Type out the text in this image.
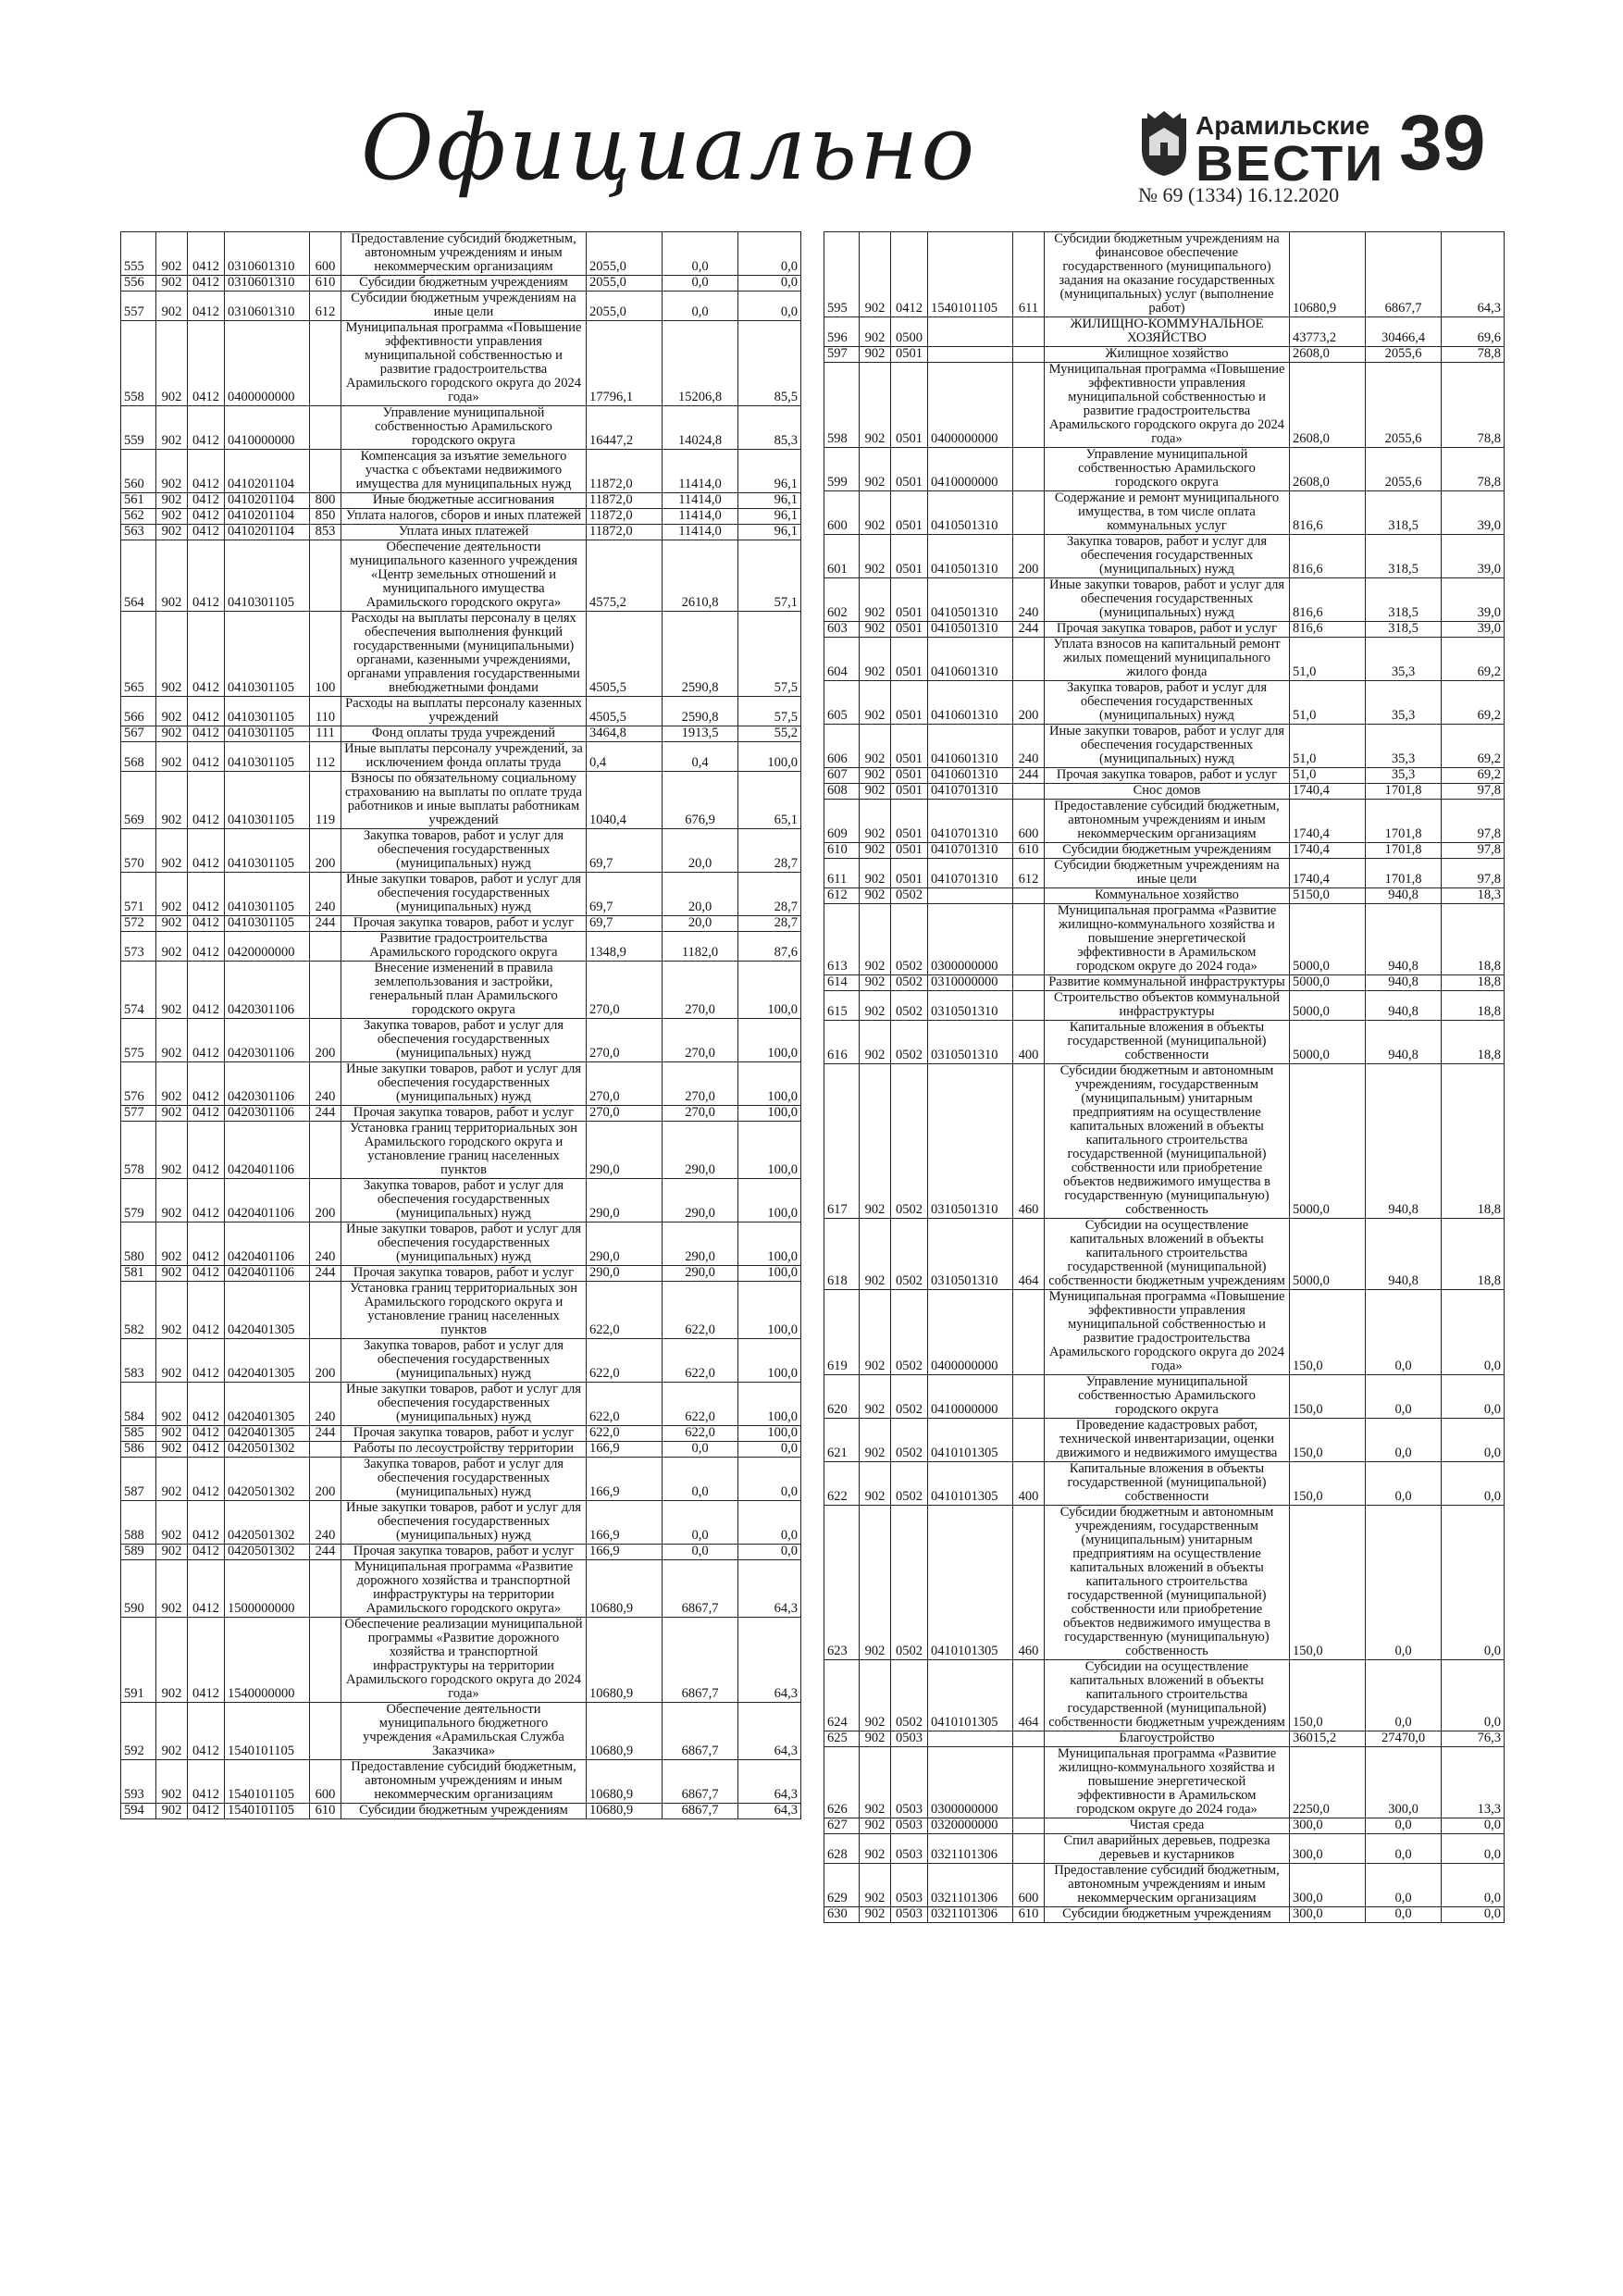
Официально	Арамильские
ВЕСТИ
№ 69 (1334) 16.12.2020
39
555	902	0412	0310601310	600	Предоставление субсидий бюджетным, автономным учреждениям и иным некоммерческим организациям	2055,0	0,0	0,0
556	902	0412	0310601310	610	Субсидии бюджетным учреждениям	2055,0	0,0	0,0
557	902	0412	0310601310	612	Субсидии бюджетным учреждениям на иные цели	2055,0	0,0	0,0
558	902	0412	0400000000		Муниципальная программа «Повышение эффективности управления муниципальной собственностью и развитие градостроительства Арамильского городского округа до 2024 года»	17796,1	15206,8	85,5
559	902	0412	0410000000		Управление муниципальной собственностью Арамильского городского округа	16447,2	14024,8	85,3
560	902	0412	0410201104		Компенсация за изъятие земельного участка с объектами недвижимого имущества для муниципальных нужд	11872,0	11414,0	96,1
561	902	0412	0410201104	800	Иные бюджетные ассигнования	11872,0	11414,0	96,1
562	902	0412	0410201104	850	Уплата налогов, сборов и иных платежей	11872,0	11414,0	96,1
563	902	0412	0410201104	853	Уплата иных платежей	11872,0	11414,0	96,1
564	902	0412	0410301105		Обеспечение деятельности муниципального казенного учреждения «Центр земельных отношений и муниципального имущества Арамильского городского округа»	4575,2	2610,8	57,1
565	902	0412	0410301105	100	Расходы на выплаты персоналу в целях обеспечения выполнения функций государственными (муниципальными) органами, казенными учреждениями, органами управления государственными внебюджетными фондами	4505,5	2590,8	57,5
566	902	0412	0410301105	110	Расходы на выплаты персоналу казенных учреждений	4505,5	2590,8	57,5
567	902	0412	0410301105	111	Фонд оплаты труда учреждений	3464,8	1913,5	55,2
568	902	0412	0410301105	112	Иные выплаты персоналу учреждений, за исключением фонда оплаты труда	0,4	0,4	100,0
569	902	0412	0410301105	119	Взносы по обязательному социальному страхованию на выплаты по оплате труда работников и иные выплаты работникам учреждений	1040,4	676,9	65,1
570	902	0412	0410301105	200	Закупка товаров, работ и услуг для обеспечения государственных (муниципальных) нужд	69,7	20,0	28,7
571	902	0412	0410301105	240	Иные закупки товаров, работ и услуг для обеспечения государственных (муниципальных) нужд	69,7	20,0	28,7
572	902	0412	0410301105	244	Прочая закупка товаров, работ и услуг	69,7	20,0	28,7
573	902	0412	0420000000		Развитие градостроительства Арамильского городского округа	1348,9	1182,0	87,6
574	902	0412	0420301106		Внесение изменений в правила землепользования и застройки, генеральный план Арамильского городского округа	270,0	270,0	100,0
575	902	0412	0420301106	200	Закупка товаров, работ и услуг для обеспечения государственных (муниципальных) нужд	270,0	270,0	100,0
576	902	0412	0420301106	240	Иные закупки товаров, работ и услуг для обеспечения государственных (муниципальных) нужд	270,0	270,0	100,0
577	902	0412	0420301106	244	Прочая закупка товаров, работ и услуг	270,0	270,0	100,0
578	902	0412	0420401106		Установка границ территориальных зон Арамильского городского округа и установление границ населенных пунктов	290,0	290,0	100,0
579	902	0412	0420401106	200	Закупка товаров, работ и услуг для обеспечения государственных (муниципальных) нужд	290,0	290,0	100,0
580	902	0412	0420401106	240	Иные закупки товаров, работ и услуг для обеспечения государственных (муниципальных) нужд	290,0	290,0	100,0
581	902	0412	0420401106	244	Прочая закупка товаров, работ и услуг	290,0	290,0	100,0
582	902	0412	0420401305		Установка границ территориальных зон Арамильского городского округа и установление границ населенных пунктов	622,0	622,0	100,0
583	902	0412	0420401305	200	Закупка товаров, работ и услуг для обеспечения государственных (муниципальных) нужд	622,0	622,0	100,0
584	902	0412	0420401305	240	Иные закупки товаров, работ и услуг для обеспечения государственных (муниципальных) нужд	622,0	622,0	100,0
585	902	0412	0420401305	244	Прочая закупка товаров, работ и услуг	622,0	622,0	100,0
586	902	0412	0420501302		Работы по лесоустройству территории	166,9	0,0	0,0
587	902	0412	0420501302	200	Закупка товаров, работ и услуг для обеспечения государственных (муниципальных) нужд	166,9	0,0	0,0
588	902	0412	0420501302	240	Иные закупки товаров, работ и услуг для обеспечения государственных (муниципальных) нужд	166,9	0,0	0,0
589	902	0412	0420501302	244	Прочая закупка товаров, работ и услуг	166,9	0,0	0,0
590	902	0412	1500000000		Муниципальная программа «Развитие дорожного хозяйства и транспортной инфраструктуры на территории Арамильского городского округа»	10680,9	6867,7	64,3
591	902	0412	1540000000		Обеспечение реализации муниципальной программы «Развитие дорожного хозяйства и транспортной инфраструктуры на территории Арамильского городского округа до 2024 года»	10680,9	6867,7	64,3
592	902	0412	1540101105		Обеспечение деятельности муниципального бюджетного учреждения «Арамильская Служба Заказчика»	10680,9	6867,7	64,3
593	902	0412	1540101105	600	Предоставление субсидий бюджетным, автономным учреждениям и иным некоммерческим организациям	10680,9	6867,7	64,3
594	902	0412	1540101105	610	Субсидии бюджетным учреждениям	10680,9	6867,7	64,3
595	902	0412	1540101105	611	Субсидии бюджетным учреждениям на финансовое обеспечение государственного (муниципального) задания на оказание государственных (муниципальных) услуг (выполнение работ)	10680,9	6867,7	64,3
596	902	0500			ЖИЛИЩНО-КОММУНАЛЬНОЕ ХОЗЯЙСТВО	43773,2	30466,4	69,6
597	902	0501			Жилищное хозяйство	2608,0	2055,6	78,8
598	902	0501	0400000000		Муниципальная программа «Повышение эффективности управления муниципальной собственностью и развитие градостроительства Арамильского городского округа до 2024 года»	2608,0	2055,6	78,8
599	902	0501	0410000000		Управление муниципальной собственностью Арамильского городского округа	2608,0	2055,6	78,8
600	902	0501	0410501310		Содержание и ремонт муниципального имущества, в том числе оплата коммунальных услуг	816,6	318,5	39,0
601	902	0501	0410501310	200	Закупка товаров, работ и услуг для обеспечения государственных (муниципальных) нужд	816,6	318,5	39,0
602	902	0501	0410501310	240	Иные закупки товаров, работ и услуг для обеспечения государственных (муниципальных) нужд	816,6	318,5	39,0
603	902	0501	0410501310	244	Прочая закупка товаров, работ и услуг	816,6	318,5	39,0
604	902	0501	0410601310		Уплата взносов на капитальный ремонт жилых помещений муниципального жилого фонда	51,0	35,3	69,2
605	902	0501	0410601310	200	Закупка товаров, работ и услуг для обеспечения государственных (муниципальных) нужд	51,0	35,3	69,2
606	902	0501	0410601310	240	Иные закупки товаров, работ и услуг для обеспечения государственных (муниципальных) нужд	51,0	35,3	69,2
607	902	0501	0410601310	244	Прочая закупка товаров, работ и услуг	51,0	35,3	69,2
608	902	0501	0410701310		Снос домов	1740,4	1701,8	97,8
609	902	0501	0410701310	600	Предоставление субсидий бюджетным, автономным учреждениям и иным некоммерческим организациям	1740,4	1701,8	97,8
610	902	0501	0410701310	610	Субсидии бюджетным учреждениям	1740,4	1701,8	97,8
611	902	0501	0410701310	612	Субсидии бюджетным учреждениям на иные цели	1740,4	1701,8	97,8
612	902	0502			Коммунальное хозяйство	5150,0	940,8	18,3
613	902	0502	0300000000		Муниципальная программа «Развитие жилищно-коммунального хозяйства и повышение энергетической эффективности в Арамильском городском округе до 2024 года»	5000,0	940,8	18,8
614	902	0502	0310000000		Развитие коммунальной инфраструктуры	5000,0	940,8	18,8
615	902	0502	0310501310		Строительство объектов коммунальной инфраструктуры	5000,0	940,8	18,8
616	902	0502	0310501310	400	Капитальные вложения в объекты государственной (муниципальной) собственности	5000,0	940,8	18,8
617	902	0502	0310501310	460	Субсидии бюджетным и автономным учреждениям, государственным (муниципальным) унитарным предприятиям на осуществление капитальных вложений в объекты капитального строительства государственной (муниципальной) собственности или приобретение объектов недвижимого имущества в государственную (муниципальную) собственность	5000,0	940,8	18,8
618	902	0502	0310501310	464	Субсидии на осуществление капитальных вложений в объекты капитального строительства государственной (муниципальной) собственности бюджетным учреждениям	5000,0	940,8	18,8
619	902	0502	0400000000		Муниципальная программа «Повышение эффективности управления муниципальной собственностью и развитие градостроительства Арамильского городского округа до 2024 года»	150,0	0,0	0,0
620	902	0502	0410000000		Управление муниципальной собственностью Арамильского городского округа	150,0	0,0	0,0
621	902	0502	0410101305		Проведение кадастровых работ, технической инвентаризации, оценки движимого и недвижимого имущества	150,0	0,0	0,0
622	902	0502	0410101305	400	Капитальные вложения в объекты государственной (муниципальной) собственности	150,0	0,0	0,0
623	902	0502	0410101305	460	Субсидии бюджетным и автономным учреждениям, государственным (муниципальным) унитарным предприятиям на осуществление капитальных вложений в объекты капитального строительства государственной (муниципальной) собственности или приобретение объектов недвижимого имущества в государственную (муниципальную) собственность	150,0	0,0	0,0
624	902	0502	0410101305	464	Субсидии на осуществление капитальных вложений в объекты капитального строительства государственной (муниципальной) собственности бюджетным учреждениям	150,0	0,0	0,0
625	902	0503			Благоустройство	36015,2	27470,0	76,3
626	902	0503	0300000000		Муниципальная программа «Развитие жилищно-коммунального хозяйства и повышение энергетической эффективности в Арамильском городском округе до 2024 года»	2250,0	300,0	13,3
627	902	0503	0320000000		Чистая среда	300,0	0,0	0,0
628	902	0503	0321101306		Спил аварийных деревьев, подрезка деревьев и кустарников	300,0	0,0	0,0
629	902	0503	0321101306	600	Предоставление субсидий бюджетным, автономным учреждениям и иным некоммерческим организациям	300,0	0,0	0,0
630	902	0503	0321101306	610	Субсидии бюджетным учреждениям	300,0	0,0	0,0
